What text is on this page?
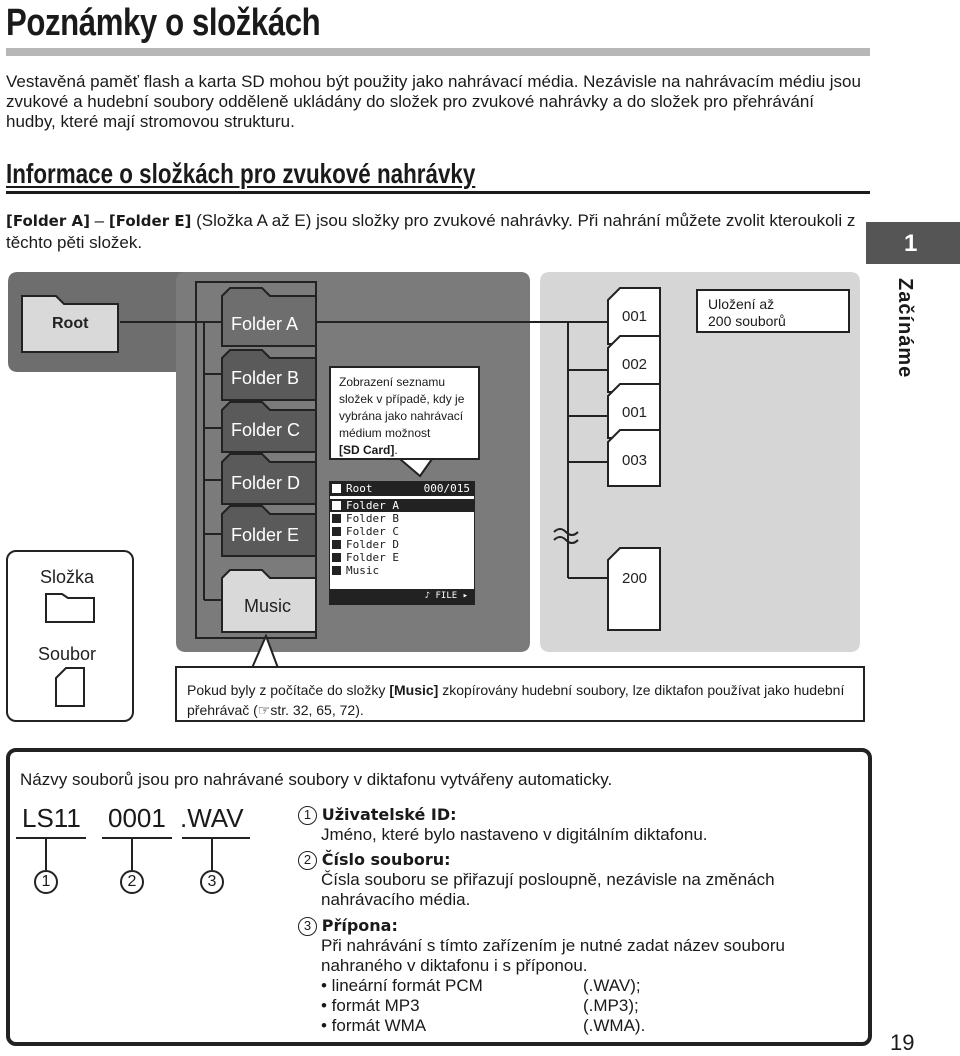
Poznámky o složkách
Vestavěná paměť flash a karta SD mohou být použity jako nahrávací média. Nezávisle na nahrávacím médiu jsou zvukové a hudební soubory odděleně ukládány do složek pro zvukové nahrávky a do složek pro přehrávání hudby, které mají stromovou strukturu.
Informace o složkách pro zvukové nahrávky
[Folder A] – [Folder E] (Složka A až E) jsou složky pro zvukové nahrávky. Při nahrání můžete zvolit kteroukoli z těchto pěti složek.	1
Začínáme
Root	Folder A
Folder B
Folder C
Folder D
Folder E
Music
001
002
001
003
200
Uložení až
200 souborů
Zobrazení seznamu
složek v případě, kdy je
vybrána jako nahrávací
médium možnost
[SD Card].
Root	000/015
Folder A
Folder B
Folder C
Folder D
Folder E
Music
♪ FILE ▸
Složka
Soubor
Pokud byly z počítače do složky [Music] zkopírovány hudební soubory, lze diktafon používat jako hudební přehrávač (☞str. 32, 65, 72).
Názvy souborů jsou pro nahrávané soubory v diktafonu vytvářeny automaticky.
LS11 0001 .WAV
1	2	3
1 Uživatelské ID:
Jméno, které bylo nastaveno v digitálním diktafonu.
2 Číslo souboru:
Čísla souboru se přiřazují posloupně, nezávisle na změnách nahrávacího média.
3 Přípona:
Při nahrávání s tímto zařízením je nutné zadat název souboru nahraného v diktafonu i s příponou.
• lineární formát PCM	(.WAV);
• formát MP3	(.MP3);
• formát WMA	(.WMA).
19
